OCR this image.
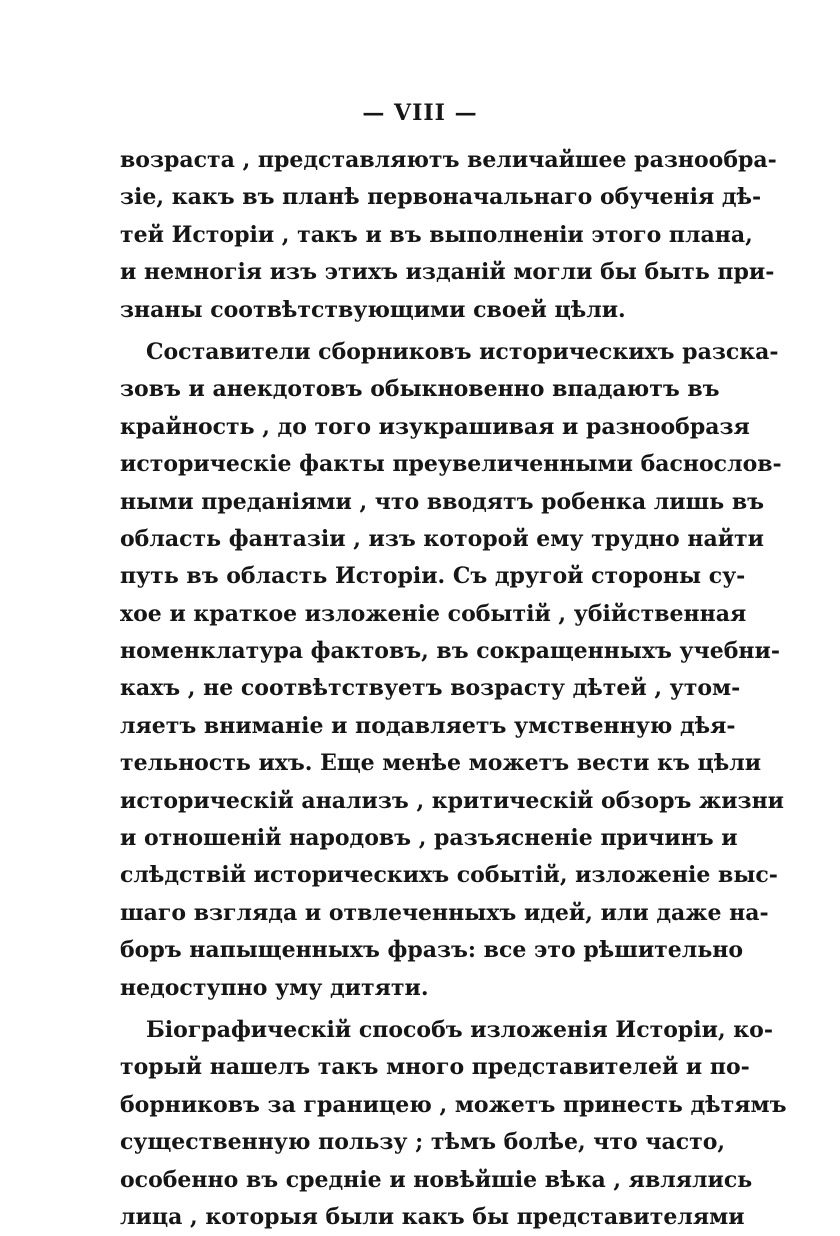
— VIII —
возраста , представляютъ величайшее разнообра-
зіе, какъ въ планѣ первоначальнаго обученія дѣ-
тей Исторіи , такъ и въ выполненіи этого плана,
и немногія изъ этихъ изданій могли бы быть при-
знаны соотвѣтствующими своей цѣли.
Составители сборниковъ историческихъ разска-
зовъ и анекдотовъ обыкновенно впадаютъ въ
крайность , до того изукрашивая и разнообразя
историческіе факты преувеличенными баснослов-
ными преданіями , что вводятъ робенка лишь въ
область фантазіи , изъ которой ему трудно найти
путь въ область Исторіи. Съ другой стороны су-
хое и краткое изложеніе событій , убійственная
номенклатура фактовъ, въ сокращенныхъ учебни-
кахъ , не соотвѣтствуетъ возрасту дѣтей , утом-
ляетъ вниманіе и подавляетъ умственную дѣя-
тельность ихъ. Еще менѣе можетъ вести къ цѣли
историческій анализъ , критическій обзоръ жизни
и отношеній народовъ , разъясненіе причинъ и
слѣдствій историческихъ событій, изложеніе выс-
шаго взгляда и отвлеченныхъ идей, или даже на-
боръ напыщенныхъ фразъ: все это рѣшительно
недоступно уму дитяти.
Біографическій способъ изложенія Исторіи, ко-
торый нашелъ такъ много представителей и по-
борниковъ за границею , можетъ принесть дѣтямъ
существенную пользу ; тѣмъ болѣе, что часто,
особенно въ средніе и новѣйшіе вѣка , являлись
лица , которыя были какъ бы представителями
